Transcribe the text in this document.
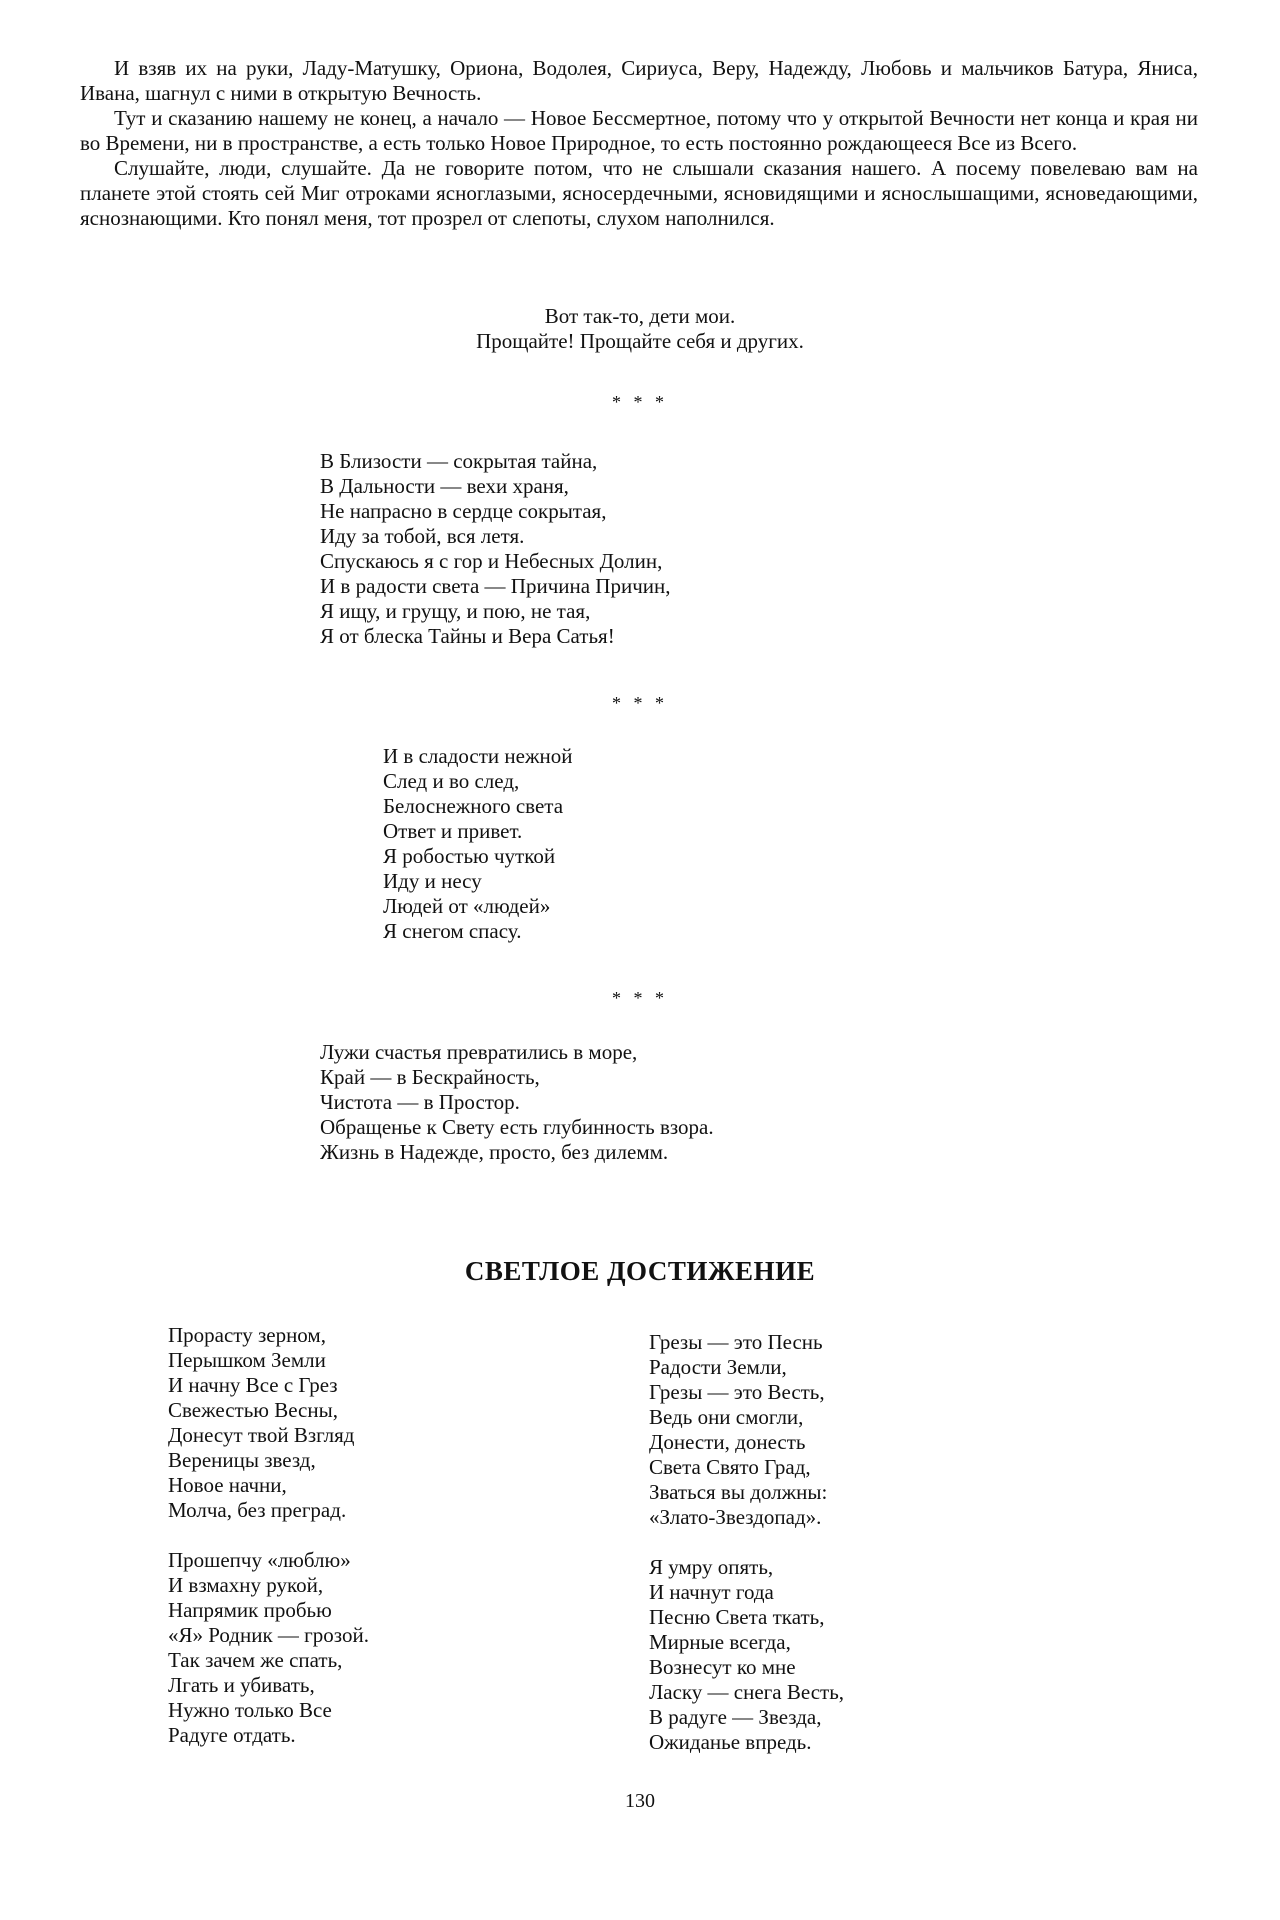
И взяв их на руки, Ладу-Матушку, Ориона, Водолея, Сириуса, Веру, Надежду, Любовь и мальчиков Батура, Яниса, Ивана, шагнул с ними в открытую Вечность.

Тут и сказанию нашему не конец, а начало — Новое Бессмертное, потому что у открытой Вечности нет конца и края ни во Времени, ни в пространстве, а есть только Новое Природное, то есть постоянно рождающееся Все из Всего.

Слушайте, люди, слушайте. Да не говорите потом, что не слышали сказания нашего. А посему повелеваю вам на планете этой стоять сей Миг отроками ясноглазыми, ясносердечными, ясновидящими и яснослышащими, ясноведающими, яснознающими. Кто понял меня, тот прозрел от слепоты, слухом наполнился.

Вот так-то, дети мои.
Прощайте! Прощайте себя и других.
* * *
В Близости — сокрытая тайна,
В Дальности — вехи храня,
Не напрасно в сердце сокрытая,
Иду за тобой, вся летя.
Спускаюсь я с гор и Небесных Долин,
И в радости света — Причина Причин,
Я ищу, и грущу, и пою, не тая,
Я от блеска Тайны и Вера Сатья!
* * *
И в сладости нежной
След и во след,
Белоснежного света
Ответ и привет.
Я робостью чуткой
Иду и несу
Людей от «людей»
Я снегом спасу.
* * *
Лужи счастья превратились в море,
Край — в Бескрайность,
Чистота — в Простор.
Обращенье к Свету есть глубинность взора.
Жизнь в Надежде, просто, без дилемм.
СВЕТЛОЕ ДОСТИЖЕНИЕ
Прорасту зерном,
Перышком Земли
И начну Все с Грез
Свежестью Весны,
Донесут твой Взгляд
Вереницы звезд,
Новое начни,
Молча, без преград.
Прошепчу «люблю»
И взмахну рукой,
Напрямик пробью
«Я» Родник — грозой.
Так зачем же спать,
Лгать и убивать,
Нужно только Все
Радуге отдать.
Грезы — это Песнь
Радости Земли,
Грезы — это Весть,
Ведь они смогли,
Донести, донесть
Света Свято Град,
Зваться вы должны:
«Злато-Звездопад».
Я умру опять,
И начнут года
Песню Света ткать,
Мирные всегда,
Вознесут ко мне
Ласку — снега Весть,
В радуге — Звезда,
Ожиданье впредь.
130
